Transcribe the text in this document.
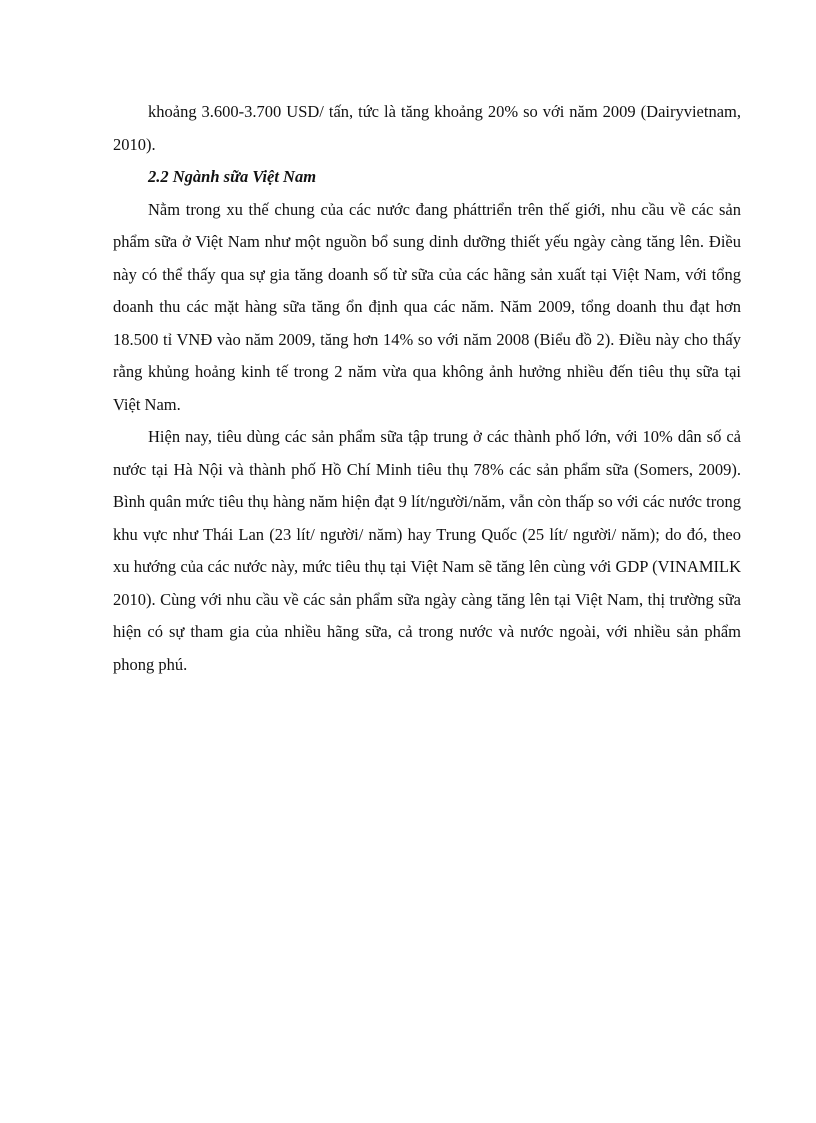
khoảng 3.600-3.700 USD/ tấn, tức là tăng khoảng 20% so với năm 2009 (Dairyvietnam, 2010).

2.2 Ngành sữa Việt Nam

Nằm trong xu thế chung của các nước đang pháttriển trên thế giới, nhu cầu về các sản phẩm sữa ở Việt Nam như một nguồn bổ sung dinh dưỡng thiết yếu ngày càng tăng lên. Điều này có thể thấy qua sự gia tăng doanh số từ sữa của các hãng sản xuất tại Việt Nam, với tổng doanh thu các mặt hàng sữa tăng ổn định qua các năm. Năm 2009, tổng doanh thu đạt hơn 18.500 tỉ VNĐ vào năm 2009, tăng hơn 14% so với năm 2008 (Biểu đồ 2). Điều này cho thấy rằng khủng hoảng kinh tế trong 2 năm vừa qua không ảnh hưởng nhiều đến tiêu thụ sữa tại Việt Nam.

Hiện nay, tiêu dùng các sản phẩm sữa tập trung ở các thành phố lớn, với 10% dân số cả nước tại Hà Nội và thành phố Hồ Chí Minh tiêu thụ 78% các sản phẩm sữa (Somers, 2009). Bình quân mức tiêu thụ hàng năm hiện đạt 9 lít/người/năm, vẫn còn thấp so với các nước trong khu vực như Thái Lan (23 lít/ người/ năm) hay Trung Quốc (25 lít/ người/ năm); do đó, theo xu hướng của các nước này, mức tiêu thụ tại Việt Nam sẽ tăng lên cùng với GDP (VINAMILK 2010). Cùng với nhu cầu về các sản phẩm sữa ngày càng tăng lên tại Việt Nam, thị trường sữa hiện có sự tham gia của nhiều hãng sữa, cả trong nước và nước ngoài, với nhiều sản phẩm phong phú.
